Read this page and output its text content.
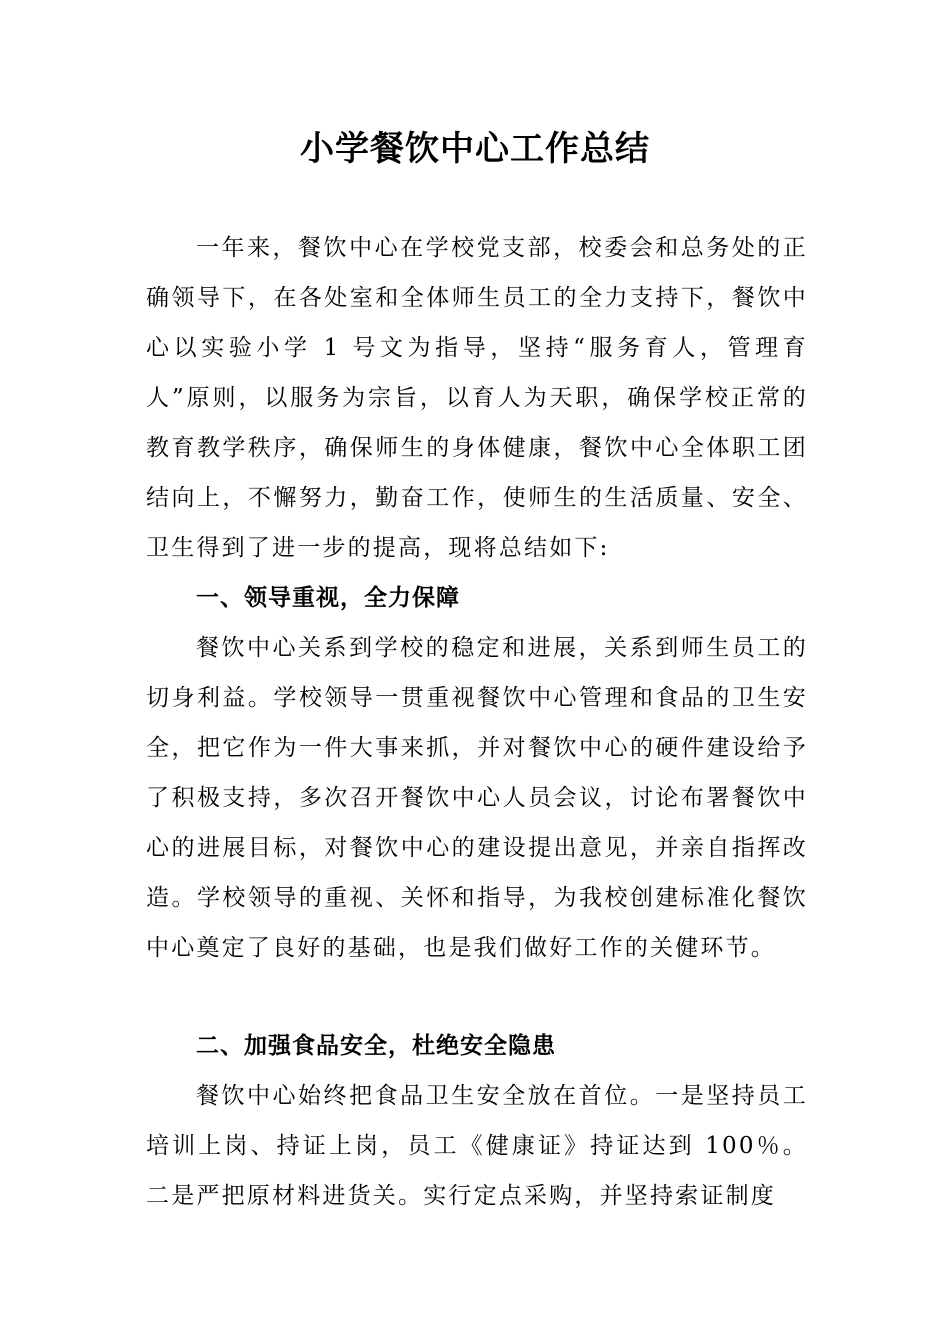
小学餐饮中心工作总结

一年来，餐饮中心在学校党支部，校委会和总务处的正确领导下，在各处室和全体师生员工的全力支持下，餐饮中心以实验小学 1 号文为指导，坚持“服务育人，管理育人”原则，以服务为宗旨，以育人为天职，确保学校正常的教育教学秩序，确保师生的身体健康，餐饮中心全体职工团结向上，不懈努力，勤奋工作，使师生的生活质量、安全、卫生得到了进一步的提高，现将总结如下:

一、领导重视，全力保障

餐饮中心关系到学校的稳定和进展，关系到师生员工的切身利益。学校领导一贯重视餐饮中心管理和食品的卫生安全，把它作为一件大事来抓，并对餐饮中心的硬件建设给予了积极支持，多次召开餐饮中心人员会议，讨论布署餐饮中心的进展目标，对餐饮中心的建设提出意见，并亲自指挥改造。学校领导的重视、关怀和指导，为我校创建标准化餐饮中心奠定了良好的基础，也是我们做好工作的关健环节。

二、加强食品安全，杜绝安全隐患

餐饮中心始终把食品卫生安全放在首位。一是坚持员工培训上岗、持证上岗，员工《健康证》持证达到 100％。二是严把原材料进货关。实行定点采购，并坚持索证制度
